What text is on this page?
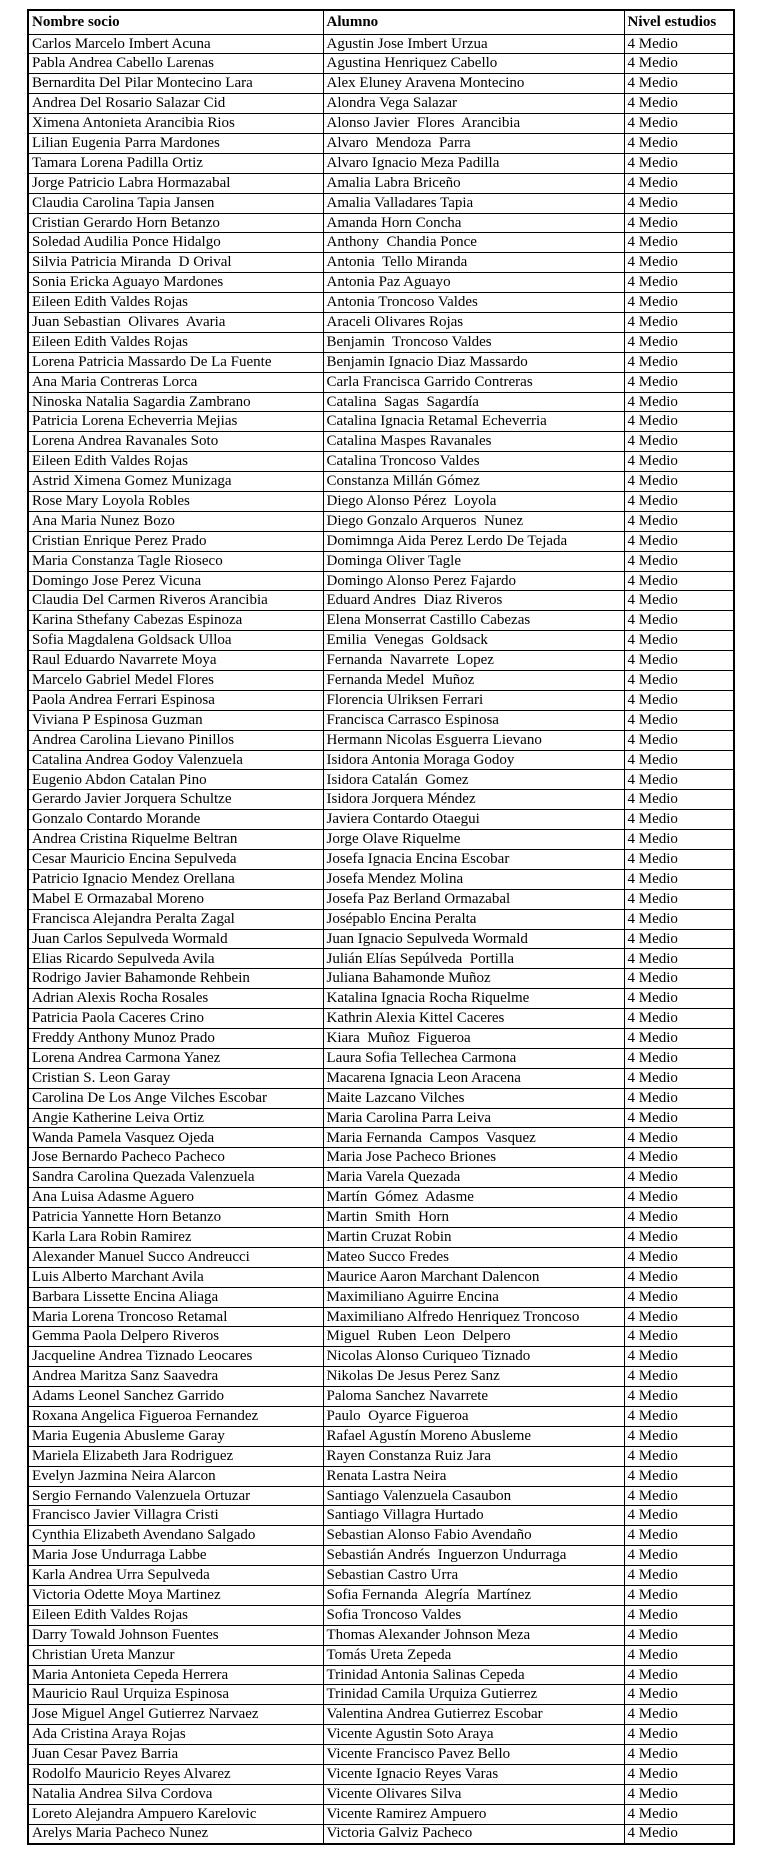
Nombre socio	Alumno	Nivel estudios
Carlos Marcelo Imbert Acuna	Agustin Jose Imbert Urzua	4 Medio
Pabla Andrea Cabello Larenas	Agustina Henriquez Cabello	4 Medio
Bernardita Del Pilar Montecino Lara	Alex Eluney Aravena Montecino	4 Medio
Andrea Del Rosario Salazar Cid	Alondra Vega Salazar	4 Medio
Ximena Antonieta Arancibia Rios	Alonso Javier  Flores  Arancibia	4 Medio
Lilian Eugenia Parra Mardones	Alvaro  Mendoza  Parra	4 Medio
Tamara Lorena Padilla Ortiz	Alvaro Ignacio Meza Padilla	4 Medio
Jorge Patricio Labra Hormazabal	Amalia Labra Briceño	4 Medio
Claudia Carolina Tapia Jansen	Amalia Valladares Tapia	4 Medio
Cristian Gerardo Horn Betanzo	Amanda Horn Concha	4 Medio
Soledad Audilia Ponce Hidalgo	Anthony  Chandia Ponce	4 Medio
Silvia Patricia Miranda  D Orival	Antonia  Tello Miranda	4 Medio
Sonia Ericka Aguayo Mardones	Antonia Paz Aguayo	4 Medio
Eileen Edith Valdes Rojas	Antonia Troncoso Valdes	4 Medio
Juan Sebastian  Olivares  Avaria	Araceli Olivares Rojas	4 Medio
Eileen Edith Valdes Rojas	Benjamin  Troncoso Valdes	4 Medio
Lorena Patricia Massardo De La Fuente	Benjamin Ignacio Diaz Massardo	4 Medio
Ana Maria Contreras Lorca	Carla Francisca Garrido Contreras	4 Medio
Ninoska Natalia Sagardia Zambrano	Catalina  Sagas  Sagardía	4 Medio
Patricia Lorena Echeverria Mejias	Catalina Ignacia Retamal Echeverria	4 Medio
Lorena Andrea Ravanales Soto	Catalina Maspes Ravanales	4 Medio
Eileen Edith Valdes Rojas	Catalina Troncoso Valdes	4 Medio
Astrid Ximena Gomez Munizaga	Constanza Millán Gómez	4 Medio
Rose Mary Loyola Robles	Diego Alonso Pérez  Loyola	4 Medio
Ana Maria Nunez Bozo	Diego Gonzalo Arqueros  Nunez	4 Medio
Cristian Enrique Perez Prado	Domimnga Aida Perez Lerdo De Tejada	4 Medio
Maria Constanza Tagle Rioseco	Dominga Oliver Tagle	4 Medio
Domingo Jose Perez Vicuna	Domingo Alonso Perez Fajardo	4 Medio
Claudia Del Carmen Riveros Arancibia	Eduard Andres  Diaz Riveros	4 Medio
Karina Sthefany Cabezas Espinoza	Elena Monserrat Castillo Cabezas	4 Medio
Sofia Magdalena Goldsack Ulloa	Emilia  Venegas  Goldsack	4 Medio
Raul Eduardo Navarrete Moya	Fernanda  Navarrete  Lopez	4 Medio
Marcelo Gabriel Medel Flores	Fernanda Medel  Muñoz	4 Medio
Paola Andrea Ferrari Espinosa	Florencia Ulriksen Ferrari	4 Medio
Viviana P Espinosa Guzman	Francisca Carrasco Espinosa	4 Medio
Andrea Carolina Lievano Pinillos	Hermann Nicolas Esguerra Lievano	4 Medio
Catalina Andrea Godoy Valenzuela	Isidora Antonia Moraga Godoy	4 Medio
Eugenio Abdon Catalan Pino	Isidora Catalán  Gomez	4 Medio
Gerardo Javier Jorquera Schultze	Isidora Jorquera Méndez	4 Medio
Gonzalo Contardo Morande	Javiera Contardo Otaegui	4 Medio
Andrea Cristina Riquelme Beltran	Jorge Olave Riquelme	4 Medio
Cesar Mauricio Encina Sepulveda	Josefa Ignacia Encina Escobar	4 Medio
Patricio Ignacio Mendez Orellana	Josefa Mendez Molina	4 Medio
Mabel E Ormazabal Moreno	Josefa Paz Berland Ormazabal	4 Medio
Francisca Alejandra Peralta Zagal	Josépablo Encina Peralta	4 Medio
Juan Carlos Sepulveda Wormald	Juan Ignacio Sepulveda Wormald	4 Medio
Elias Ricardo Sepulveda Avila	Julián Elías Sepúlveda  Portilla	4 Medio
Rodrigo Javier Bahamonde Rehbein	Juliana Bahamonde Muñoz	4 Medio
Adrian Alexis Rocha Rosales	Katalina Ignacia Rocha Riquelme	4 Medio
Patricia Paola Caceres Crino	Kathrin Alexia Kittel Caceres	4 Medio
Freddy Anthony Munoz Prado	Kiara  Muñoz  Figueroa	4 Medio
Lorena Andrea Carmona Yanez	Laura Sofia Tellechea Carmona	4 Medio
Cristian S. Leon Garay	Macarena Ignacia Leon Aracena	4 Medio
Carolina De Los Ange Vilches Escobar	Maite Lazcano Vilches	4 Medio
Angie Katherine Leiva Ortiz	Maria Carolina Parra Leiva	4 Medio
Wanda Pamela Vasquez Ojeda	Maria Fernanda  Campos  Vasquez	4 Medio
Jose Bernardo Pacheco Pacheco	Maria Jose Pacheco Briones	4 Medio
Sandra Carolina Quezada Valenzuela	Maria Varela Quezada	4 Medio
Ana Luisa Adasme Aguero	Martín  Gómez  Adasme	4 Medio
Patricia Yannette Horn Betanzo	Martin  Smith  Horn	4 Medio
Karla Lara Robin Ramirez	Martin Cruzat Robin	4 Medio
Alexander Manuel Succo Andreucci	Mateo Succo Fredes	4 Medio
Luis Alberto Marchant Avila	Maurice Aaron Marchant Dalencon	4 Medio
Barbara Lissette Encina Aliaga	Maximiliano Aguirre Encina	4 Medio
Maria Lorena Troncoso Retamal	Maximiliano Alfredo Henriquez Troncoso	4 Medio
Gemma Paola Delpero Riveros	Miguel  Ruben  Leon  Delpero	4 Medio
Jacqueline Andrea Tiznado Leocares	Nicolas Alonso Curiqueo Tiznado	4 Medio
Andrea Maritza Sanz Saavedra	Nikolas De Jesus Perez Sanz	4 Medio
Adams Leonel Sanchez Garrido	Paloma Sanchez Navarrete	4 Medio
Roxana Angelica Figueroa Fernandez	Paulo  Oyarce Figueroa	4 Medio
Maria Eugenia Abusleme Garay	Rafael Agustín Moreno Abusleme	4 Medio
Mariela Elizabeth Jara Rodriguez	Rayen Constanza Ruiz Jara	4 Medio
Evelyn Jazmina Neira Alarcon	Renata Lastra Neira	4 Medio
Sergio Fernando Valenzuela Ortuzar	Santiago Valenzuela Casaubon	4 Medio
Francisco Javier Villagra Cristi	Santiago Villagra Hurtado	4 Medio
Cynthia Elizabeth Avendano Salgado	Sebastian Alonso Fabio Avendaño	4 Medio
Maria Jose Undurraga Labbe	Sebastián Andrés  Inguerzon Undurraga	4 Medio
Karla Andrea Urra Sepulveda	Sebastian Castro Urra	4 Medio
Victoria Odette Moya Martinez	Sofia Fernanda  Alegría  Martínez	4 Medio
Eileen Edith Valdes Rojas	Sofia Troncoso Valdes	4 Medio
Darry Towald Johnson Fuentes	Thomas Alexander Johnson Meza	4 Medio
Christian Ureta Manzur	Tomás Ureta Zepeda	4 Medio
Maria Antonieta Cepeda Herrera	Trinidad Antonia Salinas Cepeda	4 Medio
Mauricio Raul Urquiza Espinosa	Trinidad Camila Urquiza Gutierrez	4 Medio
Jose Miguel Angel Gutierrez Narvaez	Valentina Andrea Gutierrez Escobar	4 Medio
Ada Cristina Araya Rojas	Vicente Agustin Soto Araya	4 Medio
Juan Cesar Pavez Barria	Vicente Francisco Pavez Bello	4 Medio
Rodolfo Mauricio Reyes Alvarez	Vicente Ignacio Reyes Varas	4 Medio
Natalia Andrea Silva Cordova	Vicente Olivares Silva	4 Medio
Loreto Alejandra Ampuero Karelovic	Vicente Ramirez Ampuero	4 Medio
Arelys Maria Pacheco Nunez	Victoria Galviz Pacheco	4 Medio
